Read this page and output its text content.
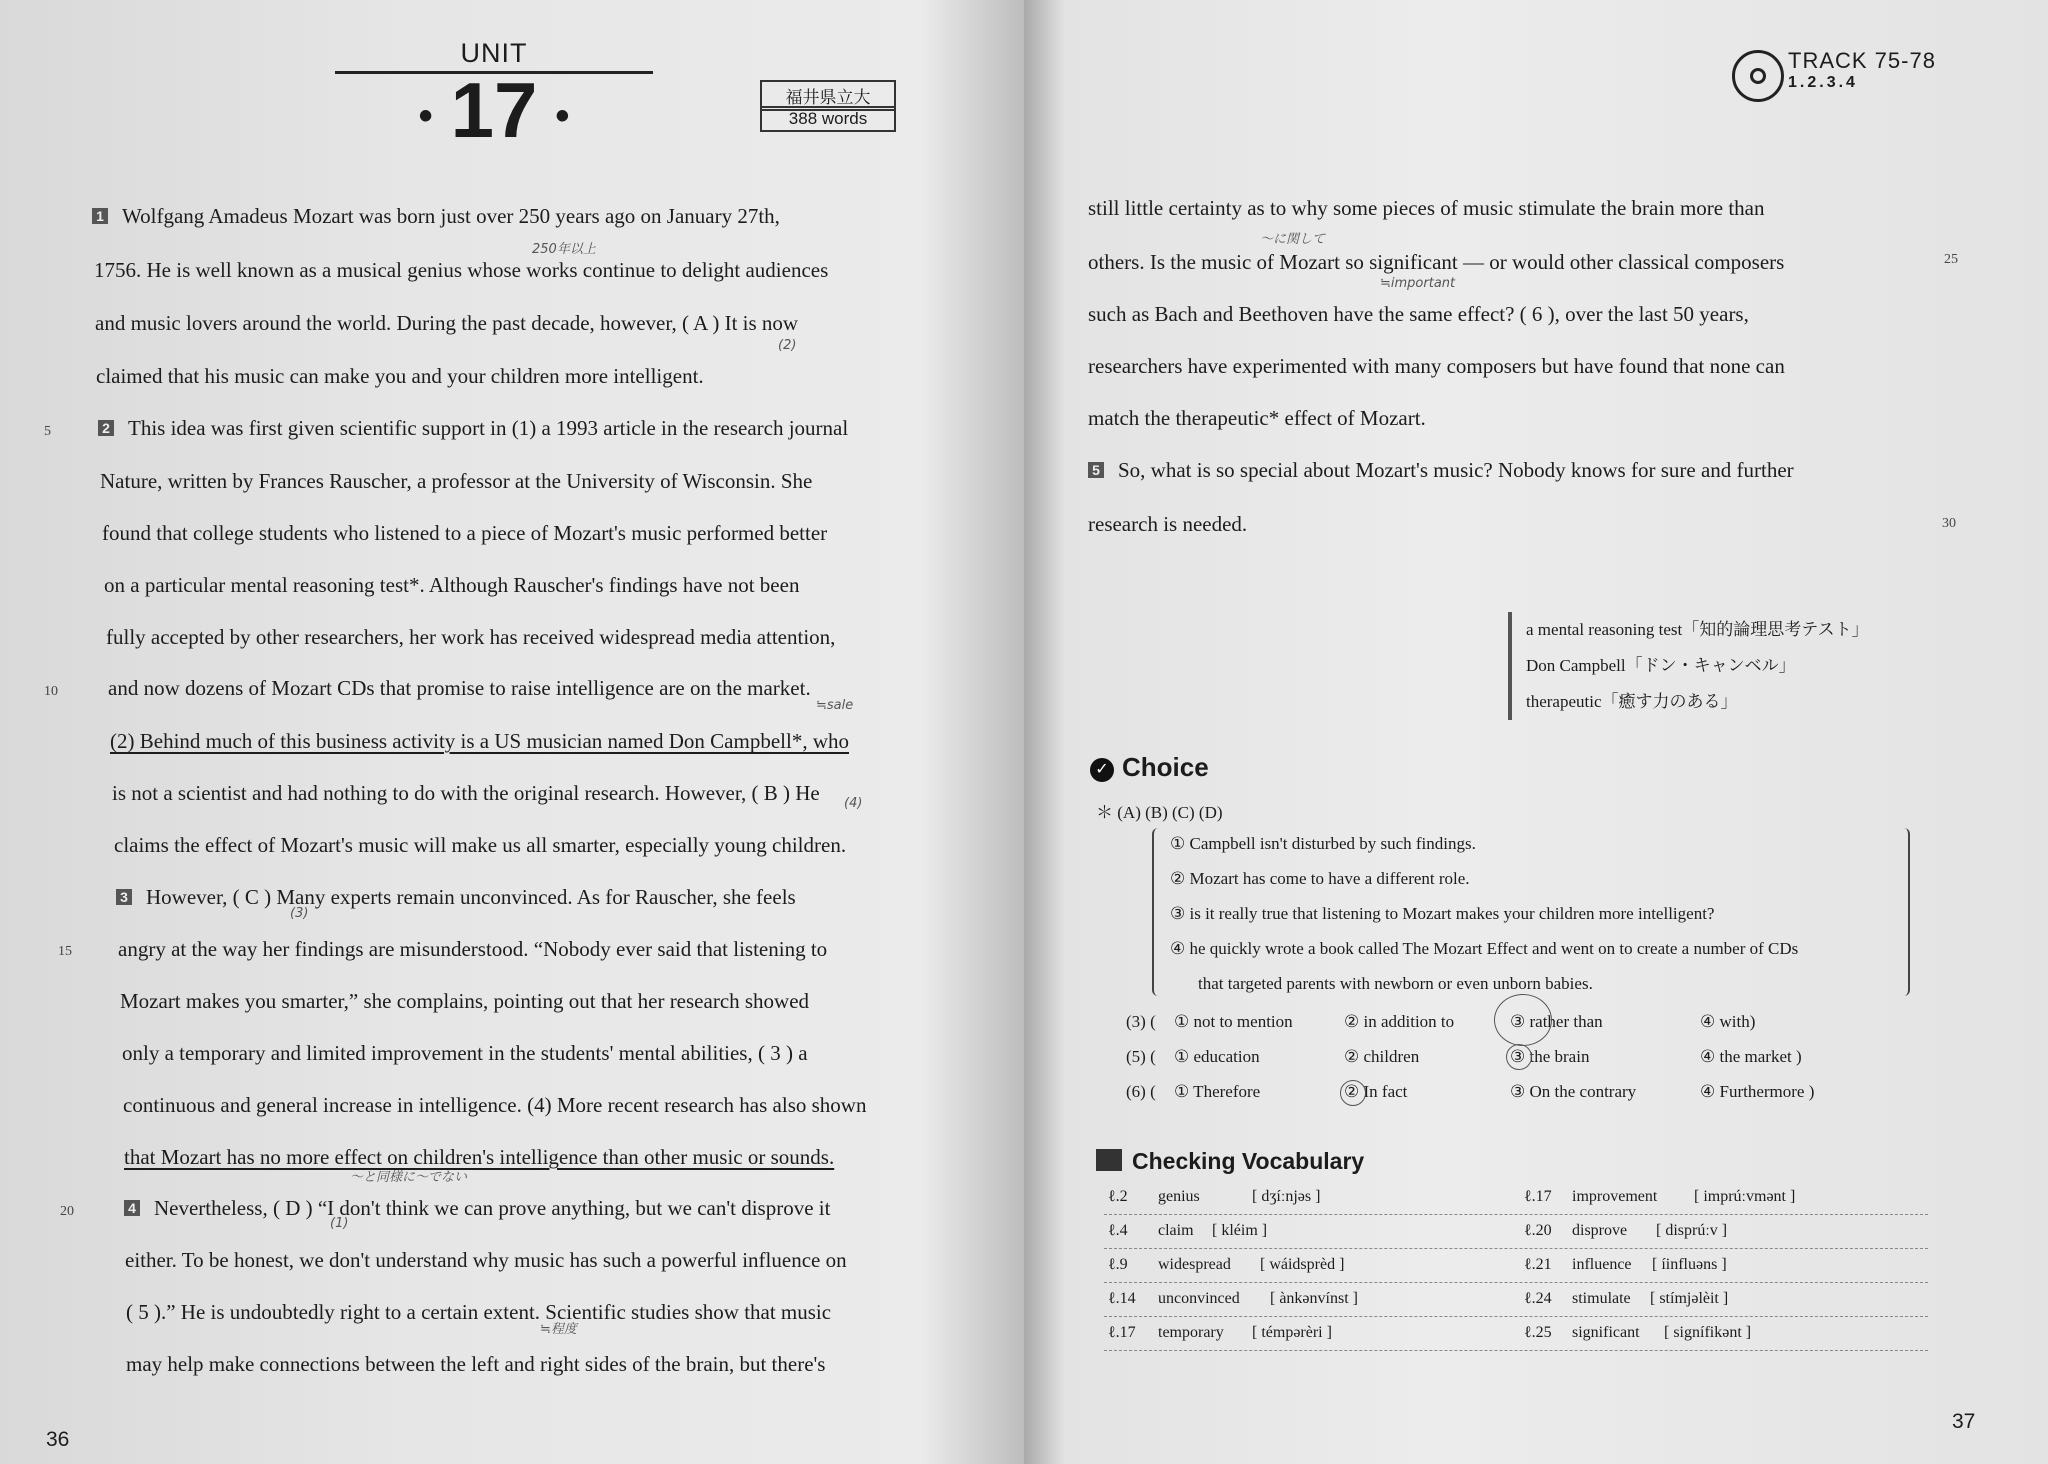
UNIT
• 17 •	福井県立大
388 words
1 Wolfgang Amadeus Mozart was born just over 250 years ago on January 27th,
250年以上
1756. He is well known as a musical genius whose works continue to delight audiences
and music lovers around the world. During the past decade, however, ( A ) It is now
(2)
claimed that his music can make you and your children more intelligent.
5	2 This idea was first given scientific support in (1) a 1993 article in the research journal
Nature, written by Frances Rauscher, a professor at the University of Wisconsin. She
found that college students who listened to a piece of Mozart's music performed better
on a particular mental reasoning test*. Although Rauscher's findings have not been
fully accepted by other researchers, her work has received widespread media attention,
10 and now dozens of Mozart CDs that promise to raise intelligence are on the market.
≒sale
(2) Behind much of this business activity is a US musician named Don Campbell*, who
is not a scientist and had nothing to do with the original research. However, ( B ) He (4)
claims the effect of Mozart's music will make us all smarter, especially young children.
3 However, ( C ) Many experts remain unconvinced. As for Rauscher, she feels
(3)
15 angry at the way her findings are misunderstood. “Nobody ever said that listening to
Mozart makes you smarter,” she complains, pointing out that her research showed
only a temporary and limited improvement in the students' mental abilities, ( 3 ) a
continuous and general increase in intelligence. (4) More recent research has also shown
that Mozart has no more effect on children's intelligence than other music or sounds.
〜と同様に〜でない
20	4 Nevertheless, ( D ) “I don't think we can prove anything, but we can't disprove it
(1)
either. To be honest, we don't understand why music has such a powerful influence on
( 5 ).” He is undoubtedly right to a certain extent. Scientific studies show that music
≒程度
may help make connections between the left and right sides of the brain, but there's
36
TRACK 75-78
1.2.3.4
still little certainty as to why some pieces of music stimulate the brain more than
〜に関して
others. Is the music of Mozart so significant — or would other classical composers
≒important
25
such as Bach and Beethoven have the same effect? ( 6 ), over the last 50 years,
researchers have experimented with many composers but have found that none can
match the therapeutic* effect of Mozart.
5 So, what is so special about Mozart's music? Nobody knows for sure and further
research is needed.	30
a mental reasoning test「知的論理思考テスト」
Don Campbell「ドン・キャンベル」
therapeutic「癒す力のある」
✓ Choice
＊ (A) (B) (C) (D)
① Campbell isn't disturbed by such findings.
② Mozart has come to have a different role.
③ is it really true that listening to Mozart makes your children more intelligent?
④ he quickly wrote a book called The Mozart Effect and went on to create a number of CDs
that targeted parents with newborn or even unborn babies.
(3) ( ① not to mention	② in addition to	③ rather than	④ with)
(5) ( ① education	② children	③ the brain	④ the market )
(6) ( ① Therefore	② In fact	③ On the contrary	④ Furthermore )
Checking Vocabulary
ℓ.2 genius	[ dʒíːnjəs ]	ℓ.17 improvement [ imprúːvmənt ]
ℓ.4 claim [ kléim ]	ℓ.20 disprove [ disprúːv ]
ℓ.9 widespread [ wáidsprèd ]	ℓ.21 influence [ íinfluəns ]
ℓ.14 unconvinced [ ànkənvínst ]	ℓ.24 stimulate [ stímjəlèit ]
ℓ.17 temporary [ témpərèri ]	ℓ.25 significant [ signífikənt ]
37
